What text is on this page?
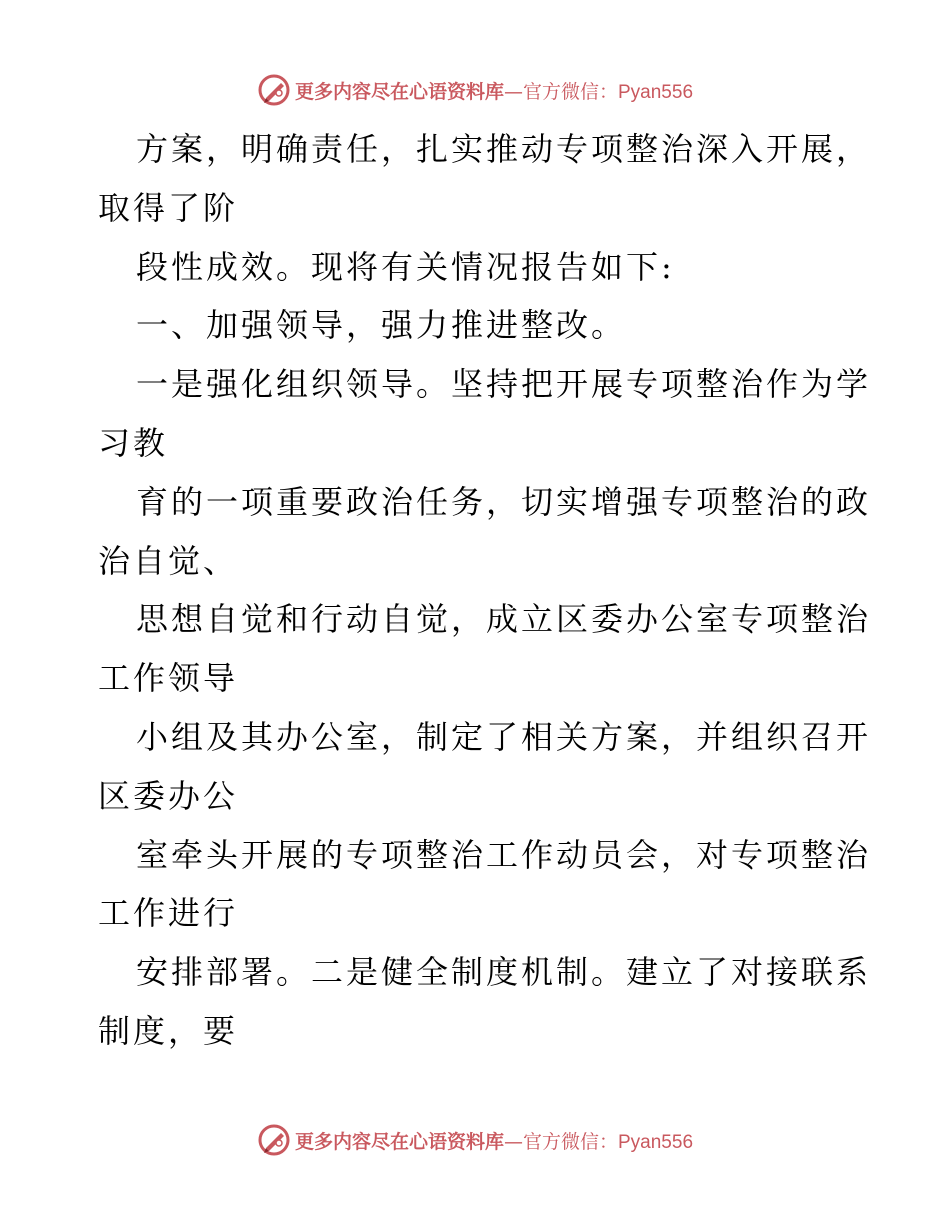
更多内容尽在心语资料库 — 官方微信： Pyan556
方案，明确责任，扎实推动专项整治深入开展，
取得了阶
段性成效。现将有关情况报告如下:
一、加强领导，强力推进整改。
一是强化组织领导。坚持把开展专项整治作为学
习教
育的一项重要政治任务，切实增强专项整治的政
治自觉、
思想自觉和行动自觉，成立区委办公室专项整治
工作领导
小组及其办公室，制定了相关方案，并组织召开
区委办公
室牵头开展的专项整治工作动员会，对专项整治
工作进行
安排部署。二是健全制度机制。建立了对接联系
制度，要
更多内容尽在心语资料库 — 官方微信： Pyan556
